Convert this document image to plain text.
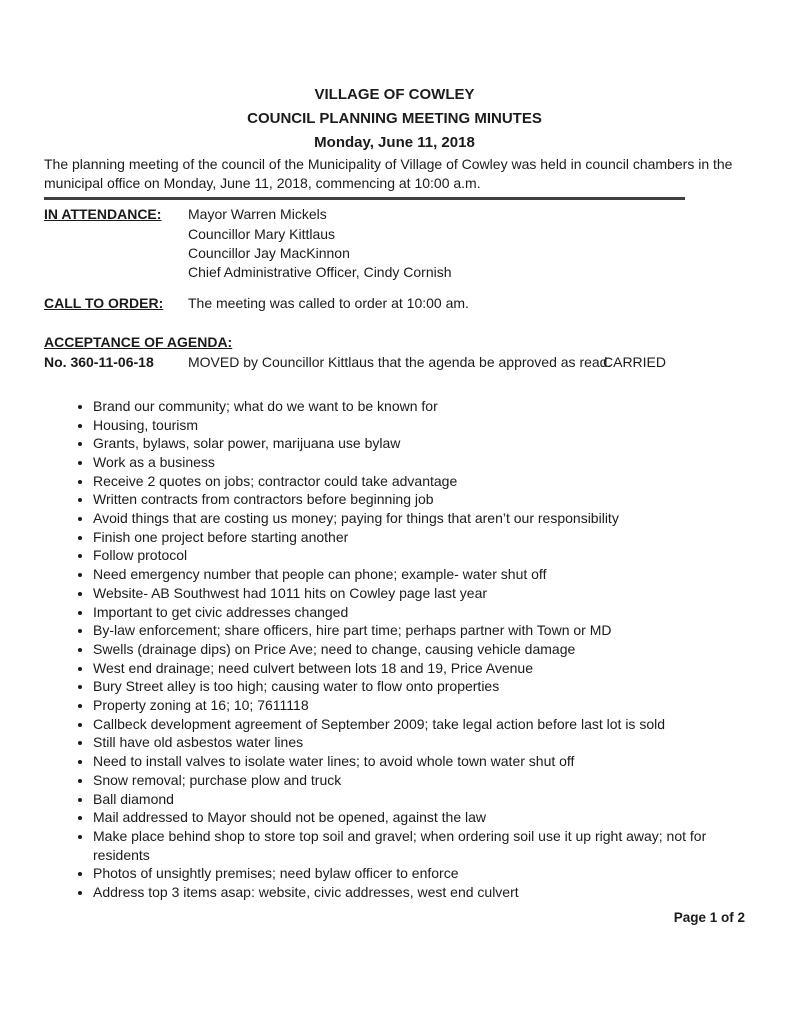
VILLAGE OF COWLEY
COUNCIL PLANNING MEETING MINUTES
Monday, June 11, 2018

The planning meeting of the council of the Municipality of Village of Cowley was held in council chambers in the municipal office on Monday, June 11, 2018, commencing at 10:00 a.m.

IN ATTENDANCE:	Mayor Warren Mickels
Councillor Mary Kittlaus
Councillor Jay MacKinnon
Chief Administrative Officer, Cindy Cornish
CALL TO ORDER:	The meeting was called to order at 10:00 am.
ACCEPTANCE OF AGENDA:
No. 360-11-06-18	MOVED by Councillor Kittlaus that the agenda be approved as read.
CARRIED
• Brand our community; what do we want to be known for
• Housing, tourism
• Grants, bylaws, solar power, marijuana use bylaw
• Work as a business
• Receive 2 quotes on jobs; contractor could take advantage
• Written contracts from contractors before beginning job
• Avoid things that are costing us money; paying for things that aren’t our responsibility
• Finish one project before starting another
• Follow protocol
• Need emergency number that people can phone; example- water shut off
• Website- AB Southwest had 1011 hits on Cowley page last year
• Important to get civic addresses changed
• By-law enforcement; share officers, hire part time; perhaps partner with Town or MD
• Swells (drainage dips) on Price Ave; need to change, causing vehicle damage
• West end drainage; need culvert between lots 18 and 19, Price Avenue
• Bury Street alley is too high; causing water to flow onto properties
• Property zoning at 16; 10; 7611118
• Callbeck development agreement of September 2009; take legal action before last lot is sold
• Still have old asbestos water lines
• Need to install valves to isolate water lines; to avoid whole town water shut off
• Snow removal; purchase plow and truck
• Ball diamond
• Mail addressed to Mayor should not be opened, against the law
• Make place behind shop to store top soil and gravel; when ordering soil use it up right away; not for residents
• Photos of unsightly premises; need bylaw officer to enforce
• Address top 3 items asap: website, civic addresses, west end culvert
Page 1 of 2
